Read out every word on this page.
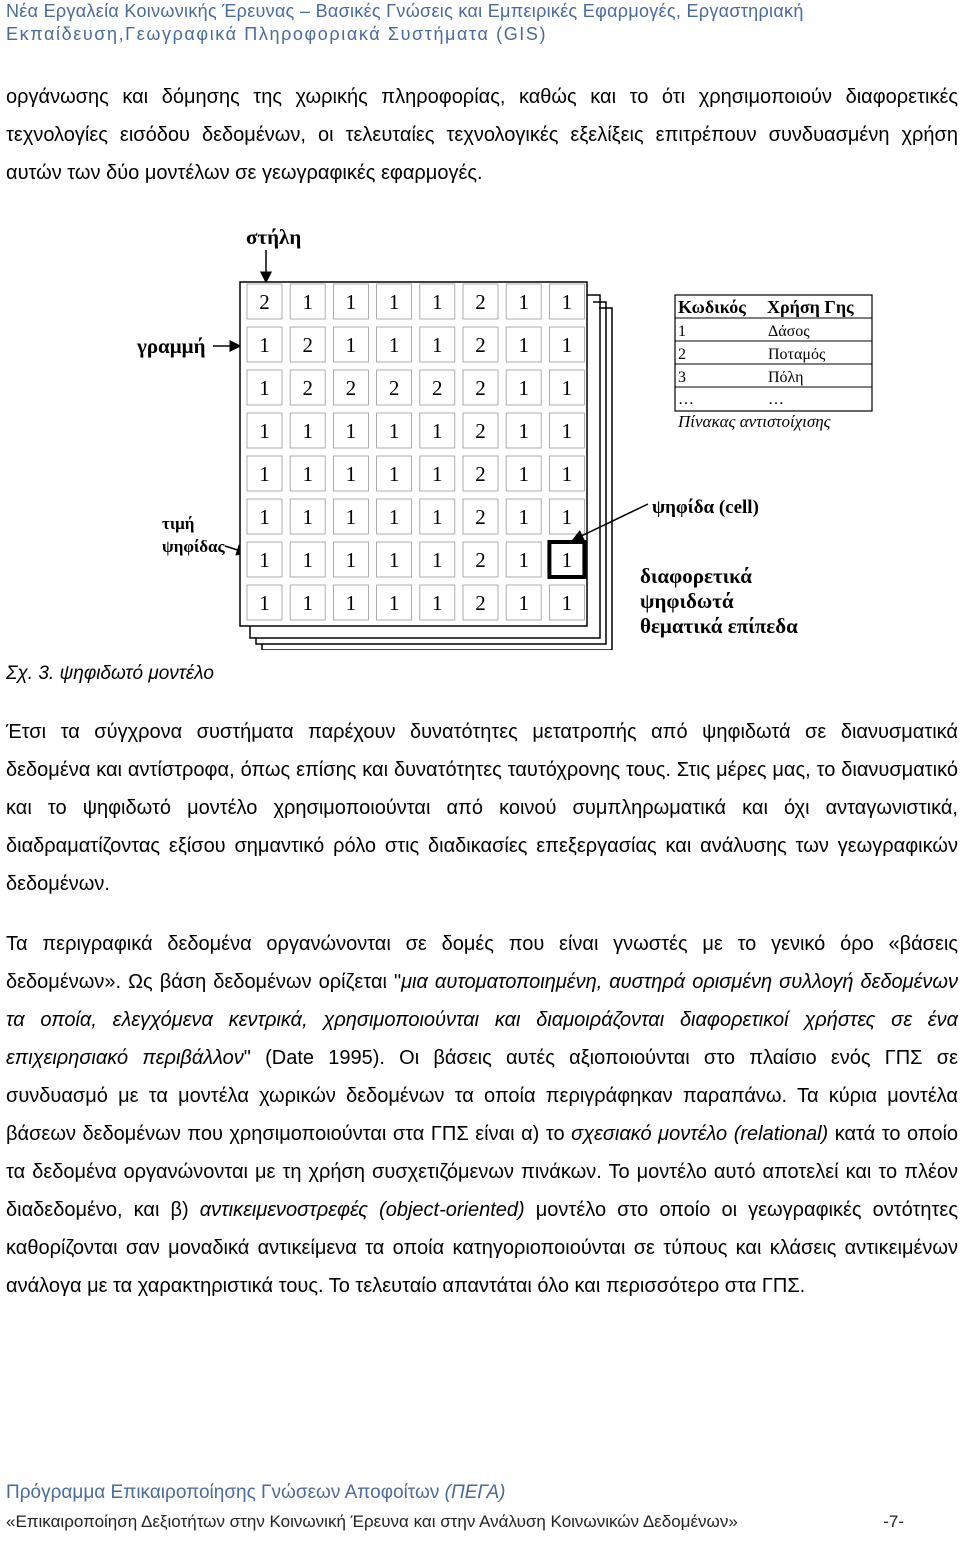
Νέα Εργαλεία Κοινωνικής Έρευνας – Βασικές Γνώσεις και Εμπειρικές Εφαρμογές, Εργαστηριακή
Εκπαίδευση,Γεωγραφικά Πληροφοριακά Συστήματα (GIS)
οργάνωσης και δόμησης της χωρικής πληροφορίας, καθώς και το ότι χρησιμοποιούν διαφορετικές τεχνολογίες εισόδου δεδομένων, οι τελευταίες τεχνολογικές εξελίξεις επιτρέπουν συνδυασμένη χρήση αυτών των δύο μοντέλων σε γεωγραφικές εφαρμογές.
στήλη
γραμμή
τιμή
ψηφίδας
2 1 1 1 1 2 1 1
1 2 1 1 1 2 1 1
1 2 2 2 2 2 1 1
1 1 1 1 1 2 1 1
1 1 1 1 1 2 1 1
1 1 1 1 1 2 1 1
1 1 1 1 1 2 1 1
1 1 1 1 1 2 1 1
Κωδικός Χρήση Γης
1	Δάσος
2	Ποταμός
3	Πόλη
…	…
Πίνακας αντιστοίχισης
ψηφίδα (cell)
διαφορετικά
ψηφιδωτά
θεματικά επίπεδα
Σχ. 3. ψηφιδωτό μοντέλο
Έτσι τα σύγχρονα συστήματα παρέχουν δυνατότητες μετατροπής από ψηφιδωτά σε διανυσματικά δεδομένα και αντίστροφα, όπως επίσης και δυνατότητες ταυτόχρονης τους. Στις μέρες μας, το διανυσματικό και το ψηφιδωτό μοντέλο χρησιμοποιούνται από κοινού συμπληρωματικά και όχι ανταγωνιστικά, διαδραματίζοντας εξίσου σημαντικό ρόλο στις διαδικασίες επεξεργασίας και ανάλυσης των γεωγραφικών δεδομένων.
Τα περιγραφικά δεδομένα οργανώνονται σε δομές που είναι γνωστές με το γενικό όρο «βάσεις δεδομένων». Ως βάση δεδομένων ορίζεται "μια αυτοματοποιημένη, αυστηρά ορισμένη συλλογή δεδομένων τα οποία, ελεγχόμενα κεντρικά, χρησιμοποιούνται και διαμοιράζονται διαφορετικοί χρήστες σε ένα επιχειρησιακό περιβάλλον" (Date 1995). Οι βάσεις αυτές αξιοποιούνται στο πλαίσιο ενός ΓΠΣ σε συνδυασμό με τα μοντέλα χωρικών δεδομένων τα οποία περιγράφηκαν παραπάνω. Τα κύρια μοντέλα βάσεων δεδομένων που χρησιμοποιούνται στα ΓΠΣ είναι α) το σχεσιακό μοντέλο (relational) κατά το οποίο τα δεδομένα οργανώνονται με τη χρήση συσχετιζόμενων πινάκων. Το μοντέλο αυτό αποτελεί και το πλέον διαδεδομένο, και β) αντικειμενοστρεφές (object-oriented) μοντέλο στο οποίο οι γεωγραφικές οντότητες καθορίζονται σαν μοναδικά αντικείμενα τα οποία κατηγοριοποιούνται σε τύπους και κλάσεις αντικειμένων ανάλογα με τα χαρακτηριστικά τους. Το τελευταίο απαντάται όλο και περισσότερο στα ΓΠΣ.
Πρόγραμμα Επικαιροποίησης Γνώσεων Αποφοίτων (ΠΕΓΑ)
«Επικαιροποίηση Δεξιοτήτων στην Κοινωνική Έρευνα και στην Ανάλυση Κοινωνικών Δεδομένων»	-7-
